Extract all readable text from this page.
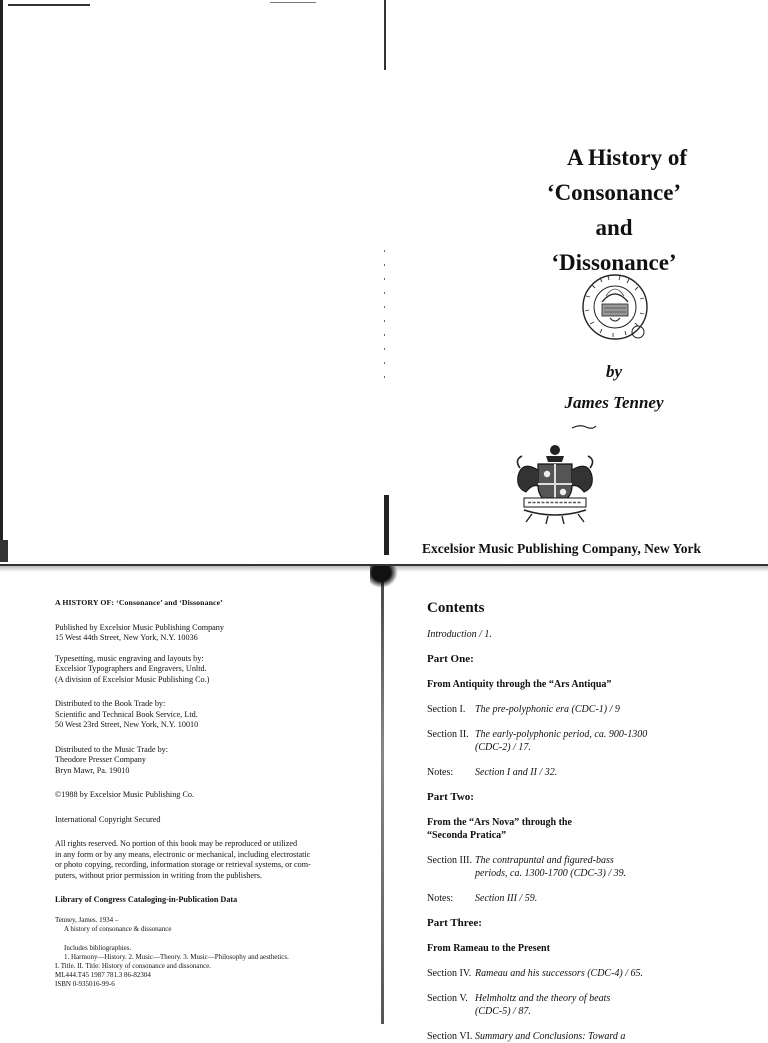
A History of

‘Consonance’

and

‘Dissonance’

by
James Tenney
Excelsior Music Publishing Company, New York

A HISTORY OF: ‘Consonance’ and ‘Dissonance’

Published by Excelsior Music Publishing Company

15 West 44th Street, New York, N.Y. 10036

Typesetting, music engraving and layouts by:

Excelsior Typographers and Engravers, Unltd.

(A division of Excelsior Music Publishing Co.)

Distributed to the Book Trade by:

Scientific and Technical Book Service, Ltd.

50 West 23rd Street, New York, N.Y. 10010

Distributed to the Music Trade by:

Theodore Presser Company

Bryn Mawr, Pa. 19010

©1988 by Excelsior Music Publishing Co.

International Copyright Secured

All rights reserved. No portion of this book may be reproduced or utilized

in any form or by any means, electronic or mechanical, including electrostatic

or photo copying, recording, information storage or retrieval systems, or com-

puters, without prior permission in writing from the publishers.

Library of Congress Cataloging-in-Publication Data

Tenney, James. 1934 –

A history of consonance & dissonance

Includes bibliographies.

1. Harmony—History. 2. Music—Theory. 3. Music—Philosophy and aesthetics.

I. Title. II. Title: History of consonance and dissonance.

ML444.T45 1987 781.3 86-82304

ISBN 0-935016-99-6

Contents

Introduction / 1.

Part One:

From Antiquity through the “Ars Antiqua”

Section I. The pre-polyphonic era (CDC-1) / 9
Section II. The early-polyphonic period, ca. 900-1300
(CDC-2) / 17.
Notes:	Section I and II / 32.

Part Two:

From the “Ars Nova” through the

“Seconda Pratica”

Section III. The contrapuntal and figured-bass
periods, ca. 1300-1700 (CDC-3) / 39.
Notes:	Section III / 59.

Part Three:

From Rameau to the Present

Section IV. Rameau and his successors (CDC-4) / 65.
Section V. Helmholtz and the theory of beats
(CDC-5) / 87.
Section VI. Summary and Conclusions: Toward a
